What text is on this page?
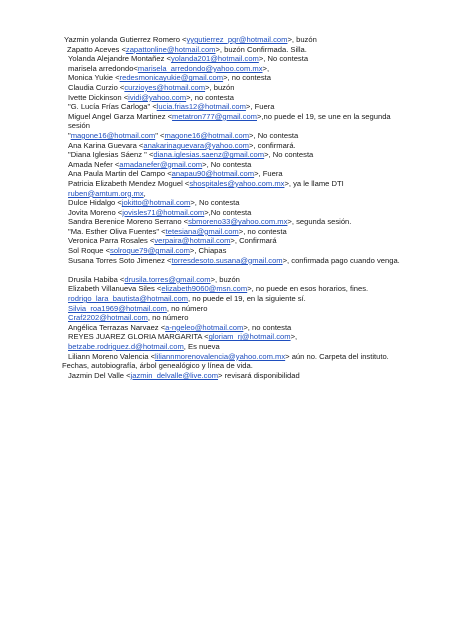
Yazmin yolanda Gutierrez Romero <yygutierrez_pgr@hotmail.com>, buzón
Zapatto Aceves <zapattonline@hotmail.com>, buzón Confirmada. Silla.
Yolanda Alejandre Montañez <yolanda201@hotmail.com>, No contesta
marisela arredondo<marisela_arredondo@yahoo.com.mx>,
Monica Yukie <redesmonicayukie@gmail.com>, no contesta
Claudia Curzio <curzioyes@hotmail.com>, buzón
Ivette Dickinson <ividi@yahoo.com>, no contesta
"G. Lucía Frías Carloga" <lucia.frias12@hotmail.com>, Fuera
Miguel Angel Garza Martinez <metatron777@gmail.com>,no puede el 19, se une en la segunda
sesión
"magone16@hotmail.com" <magone16@hotmail.com>, No contesta
Ana Karina Guevara <anakarinaguevara@yahoo.com>, confirmará.
"Diana Iglesias Sáenz " <diana.iglesias.saenz@gmail.com>, No contesta
Amada Nefer <amadanefer@gmail.com>, No contesta
Ana Paula Martin del Campo <anapau90@hotmail.com>, Fuera
Patricia Elizabeth Mendez Moguel <shospitales@yahoo.com.mx>, ya le llame DTI
ruben@amtum.org.mx,
Dulce Hidalgo <jokitto@hotmail.com>, No contesta
Jovita Moreno <jovisles71@hotmail.com>,No contesta
Sandra Berenice Moreno Serrano <sbmoreno33@yahoo.com.mx>, segunda sesión.
"Ma. Esther Oliva Fuentes" <tetesiana@gmail.com>, no contesta
Veronica Parra Rosales <verpaira@hotmail.com>, Confirmará
Sol Roque <solroque79@gmail.com>, Chiapas
Susana Torres Soto Jimenez <torresdesoto.susana@gmail.com>, confirmada pago cuando venga.
Drusila Habiba <drusila.torres@gmail.com>, buzón
Elizabeth Villanueva Siles <elizabeth9060@msn.com>, no puede en esos horarios, fines.
rodrigo_lara_bautista@hotmail.com, no puede el 19, en la siguiente sí.
Silvia_roa1969@hotmail.com, no número
Craf2202@hotmail.com, no número
Angélica Terrazas Narvaez <a-ngeleo@hotmail.com>, no contesta
REYES JUAREZ GLORIA MARGARITA <gloriam_rj@hotmail.com>,
betzabe.rodriguez.d@hotmail.com, Es nueva
Liliann Moreno Valencia <liliannmorenovalencia@yahoo.com.mx> aún no. Carpeta del instituto.
Fechas, autobiografía, árbol genealógico y línea de vida.
Jazmin Del Valle <jazmin_delvalle@live.com> revisará disponibilidad
